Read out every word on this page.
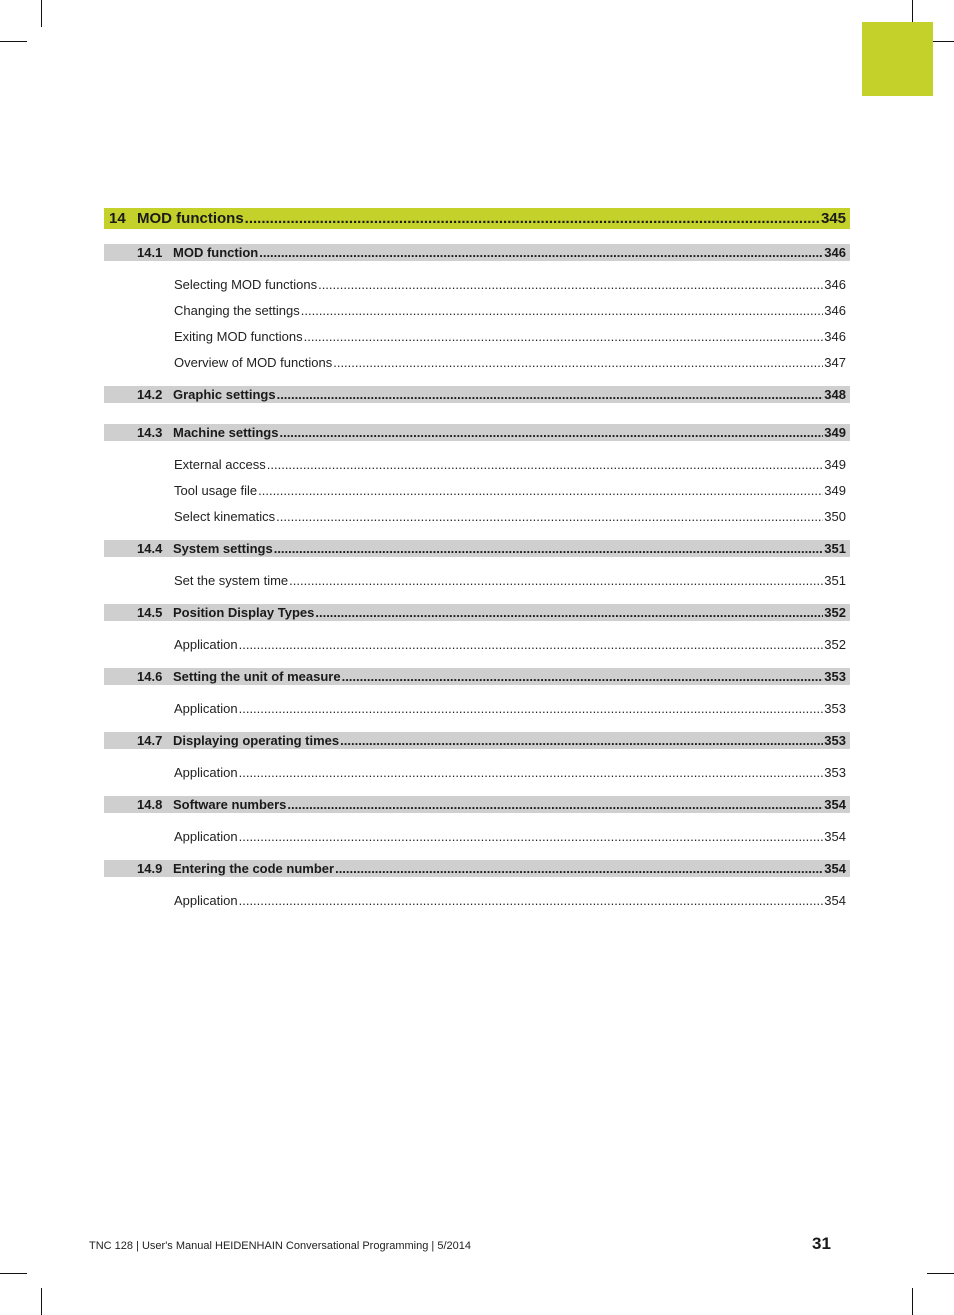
14 MOD functions .....	345
14.1 MOD function .....	346
Selecting MOD functions .....	346
Changing the settings .....	346
Exiting MOD functions .....	346
Overview of MOD functions .....	347
14.2 Graphic settings .....	348
14.3 Machine settings .....	349
External access .....	349
Tool usage file .....	349
Select kinematics .....	350
14.4 System settings .....	351
Set the system time .....	351
14.5 Position Display Types .....	352
Application .....	352
14.6 Setting the unit of measure .....	353
Application .....	353
14.7 Displaying operating times .....	353
Application .....	353
14.8 Software numbers .....	354
Application .....	354
14.9 Entering the code number .....	354
Application .....	354
TNC 128 | User's Manual HEIDENHAIN Conversational Programming | 5/2014	31
